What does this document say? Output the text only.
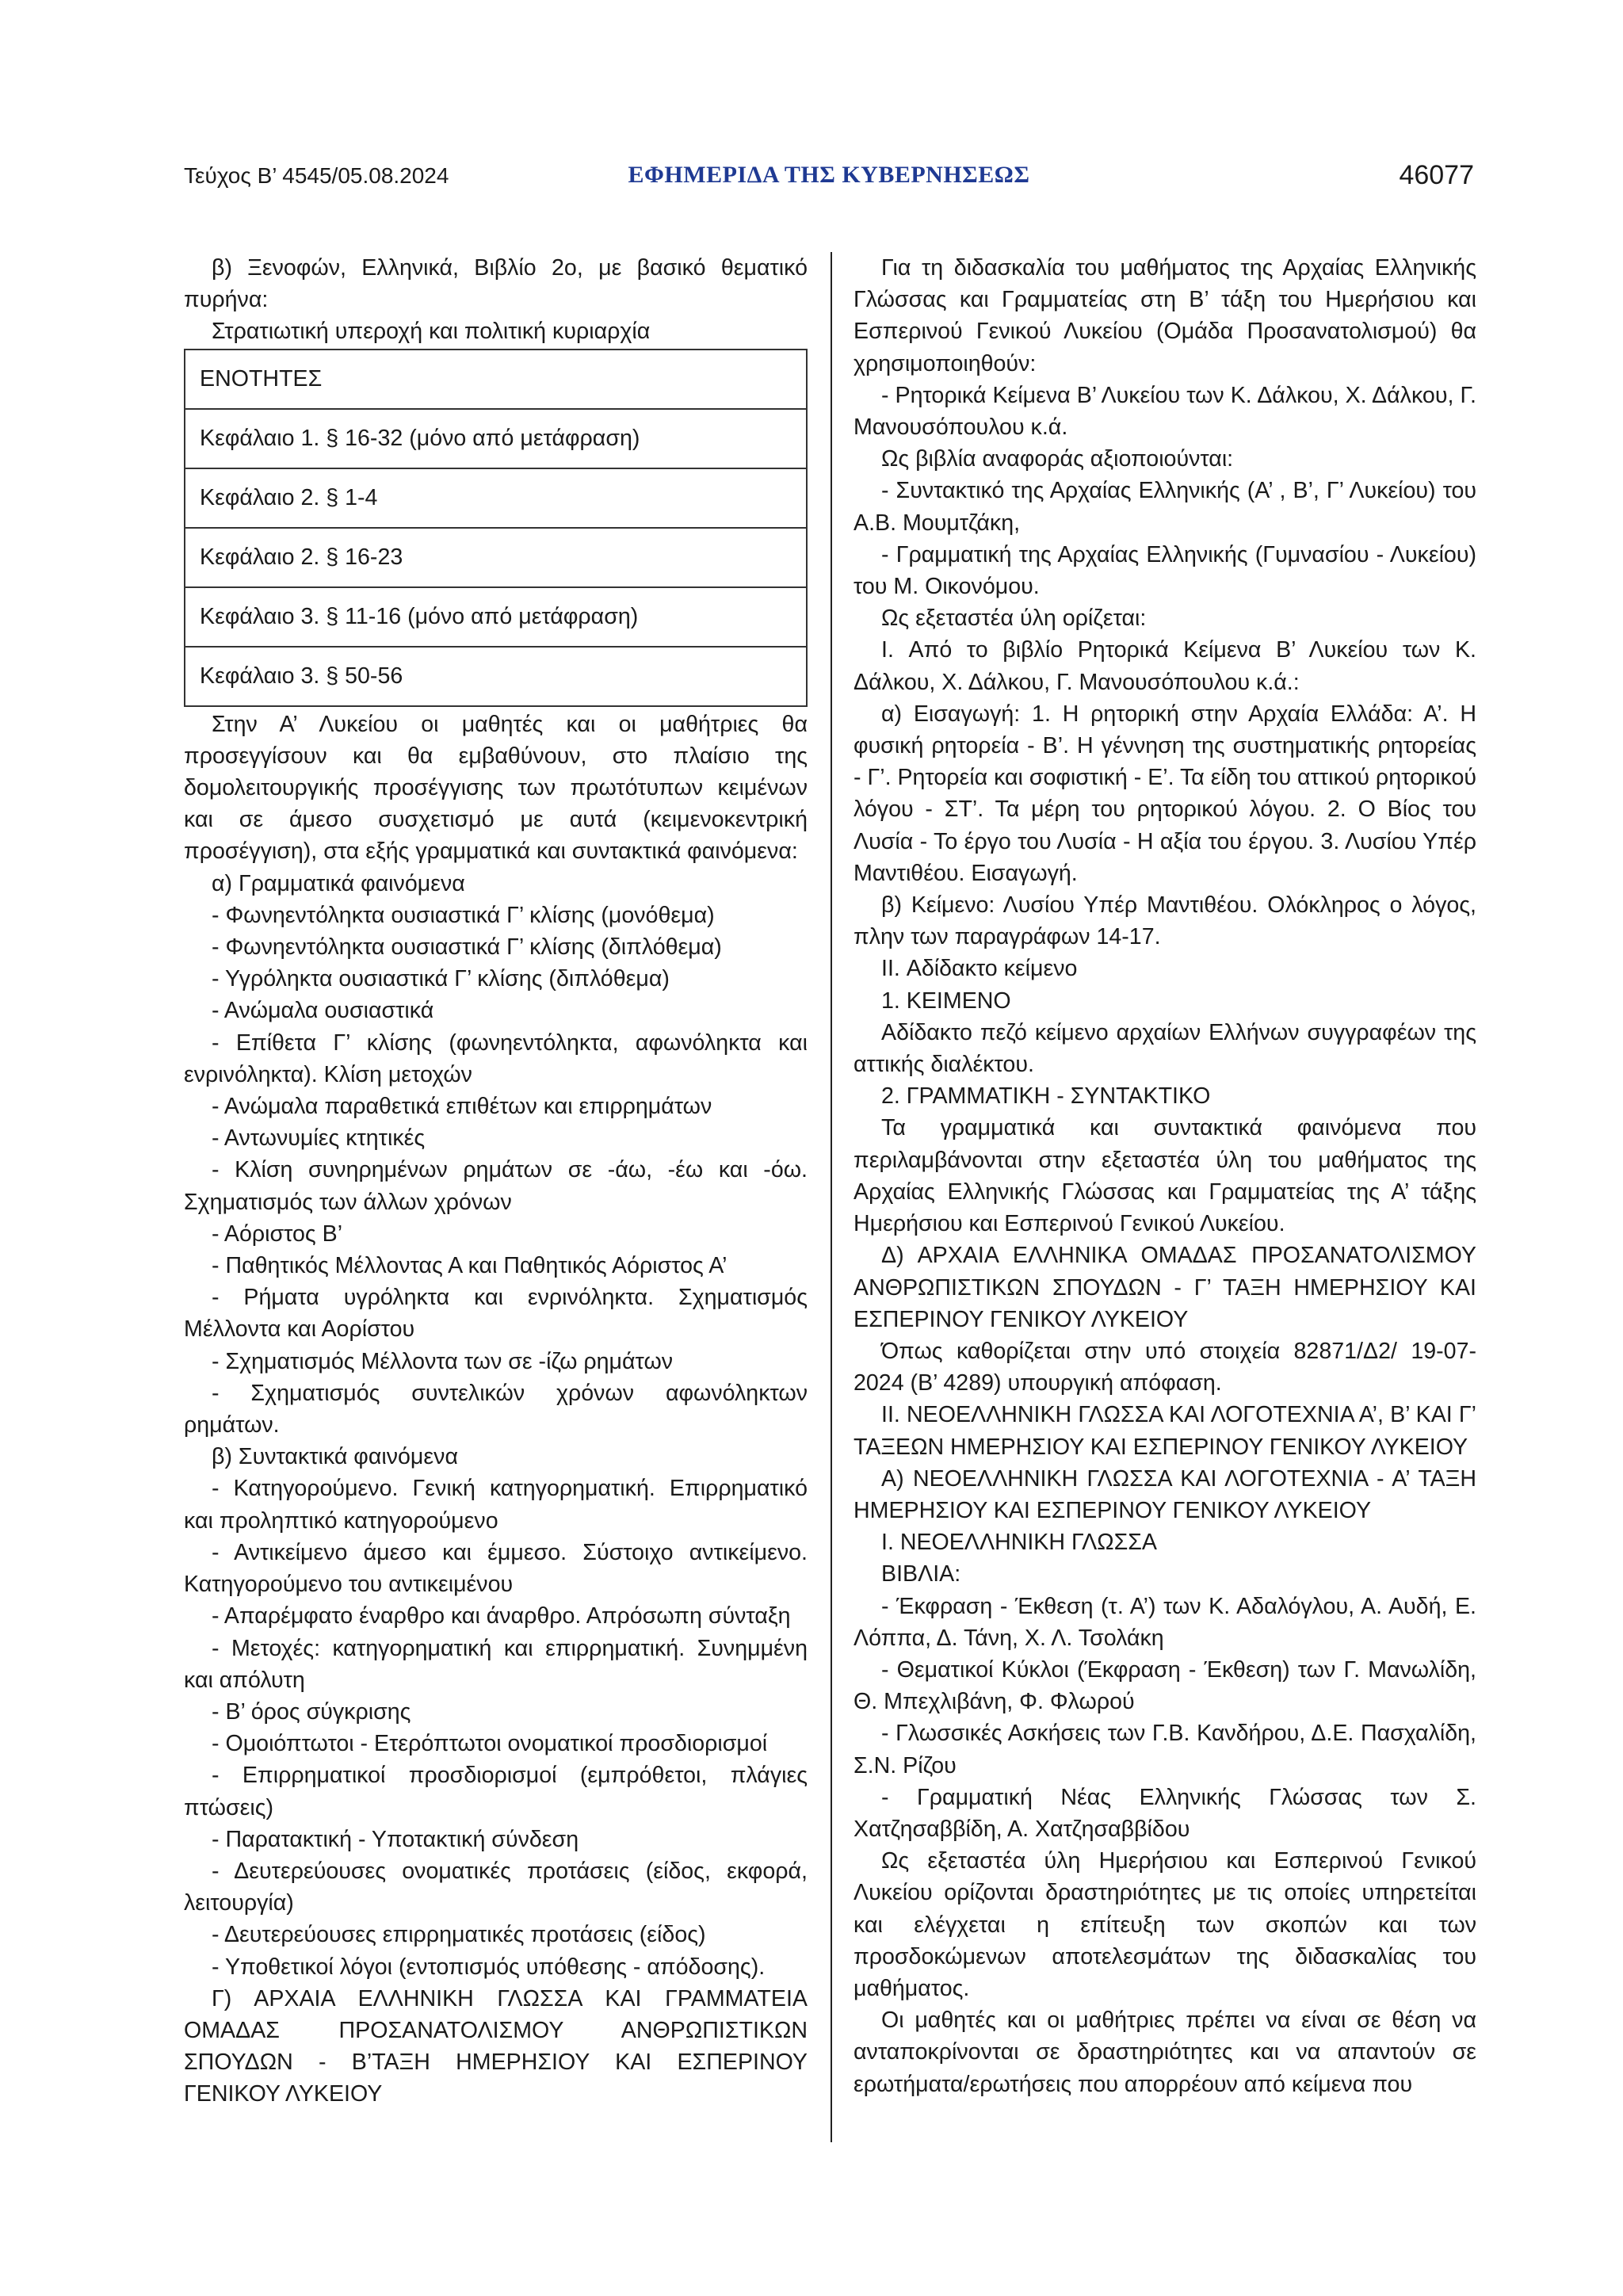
Τεύχος Β’ 4545/05.08.2024	ΕΦΗΜΕΡΙΔΑ ΤΗΣ ΚΥΒΕΡΝΗΣΕΩΣ	46077

β) Ξενοφών, Ελληνικά, Βιβλίο 2ο, με βασικό θεματικό πυρήνα:

Στρατιωτική υπεροχή και πολιτική κυριαρχία

ΕΝΟΤΗΤΕΣ
Κεφάλαιο 1. § 16-32 (μόνο από μετάφραση)
Κεφάλαιο 2. § 1-4
Κεφάλαιο 2. § 16-23
Κεφάλαιο 3. § 11-16 (μόνο από μετάφραση)
Κεφάλαιο 3. § 50-56

Στην Α’ Λυκείου οι μαθητές και οι μαθήτριες θα προσεγγίσουν και θα εμβαθύνουν, στο πλαίσιο της δομολειτουργικής προσέγγισης των πρωτότυπων κειμένων και σε άμεσο συσχετισμό με αυτά (κειμενοκεντρική προσέγγιση), στα εξής γραμματικά και συντακτικά φαινόμενα:

α) Γραμματικά φαινόμενα

- Φωνηεντόληκτα ουσιαστικά Γ’ κλίσης (μονόθεμα)

- Φωνηεντόληκτα ουσιαστικά Γ’ κλίσης (διπλόθεμα)

- Υγρόληκτα ουσιαστικά Γ’ κλίσης (διπλόθεμα)

- Ανώμαλα ουσιαστικά

- Επίθετα Γ’ κλίσης (φωνηεντόληκτα, αφωνόληκτα και ενρινόληκτα). Κλίση μετοχών

- Ανώμαλα παραθετικά επιθέτων και επιρρημάτων

- Αντωνυμίες κτητικές

- Κλίση συνηρημένων ρημάτων σε -άω, -έω και -όω. Σχηματισμός των άλλων χρόνων

- Αόριστος Β’

- Παθητικός Μέλλοντας Α και Παθητικός Αόριστος Α’

- Ρήματα υγρόληκτα και ενρινόληκτα. Σχηματισμός Μέλλοντα και Αορίστου

- Σχηματισμός Μέλλοντα των σε -ίζω ρημάτων

- Σχηματισμός συντελικών χρόνων αφωνόληκτων ρημάτων.

β) Συντακτικά φαινόμενα

- Κατηγορούμενο. Γενική κατηγορηματική. Επιρρηματικό και προληπτικό κατηγορούμενο

- Αντικείμενο άμεσο και έμμεσο. Σύστοιχο αντικείμενο. Κατηγορούμενο του αντικειμένου

- Απαρέμφατο έναρθρο και άναρθρο. Απρόσωπη σύνταξη

- Μετοχές: κατηγορηματική και επιρρηματική. Συνημμένη και απόλυτη

- Β’ όρος σύγκρισης

- Ομοιόπτωτοι - Ετερόπτωτοι ονοματικοί προσδιορισμοί

- Επιρρηματικοί προσδιορισμοί (εμπρόθετοι, πλάγιες πτώσεις)

- Παρατακτική - Υποτακτική σύνδεση

- Δευτερεύουσες ονοματικές προτάσεις (είδος, εκφορά, λειτουργία)

- Δευτερεύουσες επιρρηματικές προτάσεις (είδος)

- Υποθετικοί λόγοι (εντοπισμός υπόθεσης - απόδοσης).

Γ) ΑΡΧΑΙΑ ΕΛΛΗΝΙΚΗ ΓΛΩΣΣΑ ΚΑΙ ΓΡΑΜΜΑΤΕΙΑ ΟΜΑΔΑΣ ΠΡΟΣΑΝΑΤΟΛΙΣΜΟΥ ΑΝΘΡΩΠΙΣΤΙΚΩΝ ΣΠΟΥΔΩΝ - Β’ΤΑΞΗ ΗΜΕΡΗΣΙΟΥ ΚΑΙ ΕΣΠΕΡΙΝΟΥ ΓΕΝΙΚΟΥ ΛΥΚΕΙΟΥ

Για τη διδασκαλία του μαθήματος της Αρχαίας Ελληνικής Γλώσσας και Γραμματείας στη Β’ τάξη του Ημερήσιου και Εσπερινού Γενικού Λυκείου (Ομάδα Προσανατολισμού) θα χρησιμοποιηθούν:

- Ρητορικά Κείμενα Β’ Λυκείου των Κ. Δάλκου, Χ. Δάλκου, Γ. Μανουσόπουλου κ.ά.

Ως βιβλία αναφοράς αξιοποιούνται:

- Συντακτικό της Αρχαίας Ελληνικής (Α’ , Β’, Γ’ Λυκείου) του Α.Β. Μουμτζάκη,

- Γραμματική της Αρχαίας Ελληνικής (Γυμνασίου - Λυκείου) του Μ. Οικονόμου.

Ως εξεταστέα ύλη ορίζεται:

I. Από το βιβλίο Ρητορικά Κείμενα Β’ Λυκείου των Κ. Δάλκου, Χ. Δάλκου, Γ. Μανουσόπουλου κ.ά.:

α) Εισαγωγή: 1. Η ρητορική στην Αρχαία Ελλάδα: Α’. Η φυσική ρητορεία - Β’. Η γέννηση της συστηματικής ρητορείας - Γ’. Ρητορεία και σοφιστική - Ε’. Τα είδη του αττικού ρητορικού λόγου - ΣΤ’. Τα μέρη του ρητορικού λόγου. 2. Ο Βίος του Λυσία - Το έργο του Λυσία - Η αξία του έργου. 3. Λυσίου Υπέρ Μαντιθέου. Εισαγωγή.

β) Κείμενο: Λυσίου Υπέρ Μαντιθέου. Ολόκληρος ο λόγος, πλην των παραγράφων 14-17.

II. Αδίδακτο κείμενο

1. ΚΕΙΜΕΝΟ

Αδίδακτο πεζό κείμενο αρχαίων Ελλήνων συγγραφέων της αττικής διαλέκτου.

2. ΓΡΑΜΜΑΤΙΚΗ - ΣΥΝΤΑΚΤΙΚΟ

Τα γραμματικά και συντακτικά φαινόμενα που περιλαμβάνονται στην εξεταστέα ύλη του μαθήματος της Αρχαίας Ελληνικής Γλώσσας και Γραμματείας της Α’ τάξης Ημερήσιου και Εσπερινού Γενικού Λυκείου.

Δ) ΑΡΧΑΙΑ ΕΛΛΗΝΙΚΑ ΟΜΑΔΑΣ ΠΡΟΣΑΝΑΤΟΛΙΣΜΟΥ ΑΝΘΡΩΠΙΣΤΙΚΩΝ ΣΠΟΥΔΩΝ - Γ’ ΤΑΞΗ ΗΜΕΡΗΣΙΟΥ ΚΑΙ ΕΣΠΕΡΙΝΟΥ ΓΕΝΙΚΟΥ ΛΥΚΕΙΟΥ

Όπως καθορίζεται στην υπό στοιχεία 82871/Δ2/ 19-07-2024 (Β’ 4289) υπουργική απόφαση.

II. ΝΕΟΕΛΛΗΝΙΚΗ ΓΛΩΣΣΑ ΚΑΙ ΛΟΓΟΤΕΧΝΙΑ Α’, Β’ ΚΑΙ Γ’ ΤΑΞΕΩΝ ΗΜΕΡΗΣΙΟΥ ΚΑΙ ΕΣΠΕΡΙΝΟΥ ΓΕΝΙΚΟΥ ΛΥΚΕΙΟΥ

Α) ΝΕΟΕΛΛΗΝΙΚΗ ΓΛΩΣΣΑ ΚΑΙ ΛΟΓΟΤΕΧΝΙΑ - Α’ ΤΑΞΗ ΗΜΕΡΗΣΙΟΥ ΚΑΙ ΕΣΠΕΡΙΝΟΥ ΓΕΝΙΚΟΥ ΛΥΚΕΙΟΥ

I. ΝΕΟΕΛΛΗΝΙΚΗ ΓΛΩΣΣΑ

ΒΙΒΛΙΑ:

- Έκφραση - Έκθεση (τ. Α’) των Κ. Αδαλόγλου, Α. Αυδή, Ε. Λόππα, Δ. Τάνη, Χ. Λ. Τσολάκη

- Θεματικοί Κύκλοι (Έκφραση - Έκθεση) των Γ. Μανωλίδη, Θ. Μπεχλιβάνη, Φ. Φλωρού

- Γλωσσικές Ασκήσεις των Γ.Β. Κανδήρου, Δ.Ε. Πασχαλίδη, Σ.Ν. Ρίζου

- Γραμματική Νέας Ελληνικής Γλώσσας των Σ. Χατζησαββίδη, Α. Χατζησαββίδου

Ως εξεταστέα ύλη Ημερήσιου και Εσπερινού Γενικού Λυκείου ορίζονται δραστηριότητες με τις οποίες υπηρετείται και ελέγχεται η επίτευξη των σκοπών και των προσδοκώμενων αποτελεσμάτων της διδασκαλίας του μαθήματος.

Οι μαθητές και οι μαθήτριες πρέπει να είναι σε θέση να ανταποκρίνονται σε δραστηριότητες και να απαντούν σε ερωτήματα/ερωτήσεις που απορρέουν από κείμενα που
